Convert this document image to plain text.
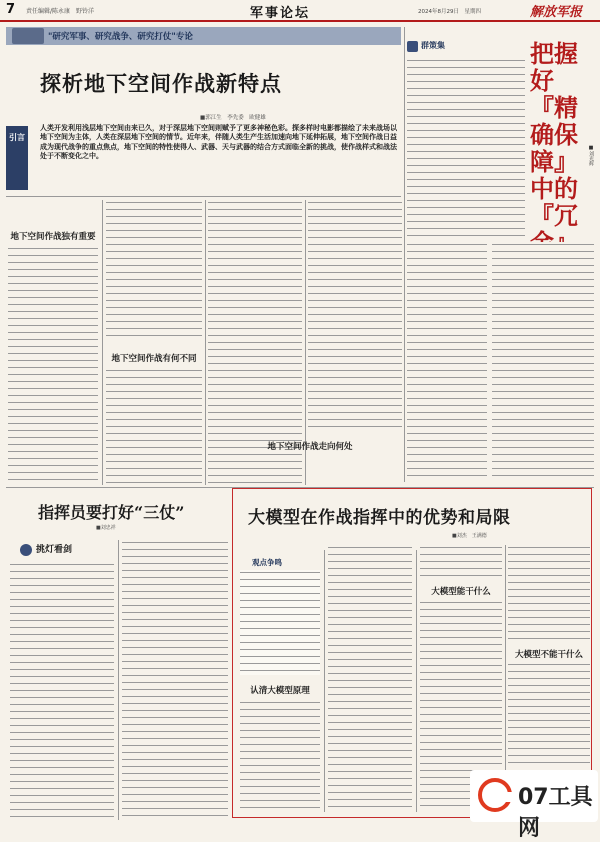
7 责任编辑/陈永康　野铃洋	军事论坛	2024年8月29日　星期四	解放军报
"研究军事、研究战争、研究打仗"专论
探析地下空间作战新特点
■郭江生　李先委　欧健雄
引言
人类开发利用浅层地下空间由来已久，对于深层地下空间则赋予了更多神秘色彩。探多样时电影都描绘了未来战场以地下空间为主体，人类在深层地下空间的情节。近年来，伴随人类生产生活加速向地下延伸拓展，地下空间作战日益成为现代战争的重点焦点，地下空间的特性使得人、武器、天与武器的结合方式面临全新的挑战，使作战样式和战法处于不断变化之中。
地下空间作战独有重要
地下空间作战有何不同
地下空间作战走向何处
群策集	把握好『精确保障』中的『冗
■刘光辉
指挥员要打好“三仗”
■刘忠祥
挑灯看剑
大模型在作战指挥中的优势和局限
■刘杰　王满德
观点争鸣
认清大模型原理
大模型能干什么
大模型不能干什么
07工具网
